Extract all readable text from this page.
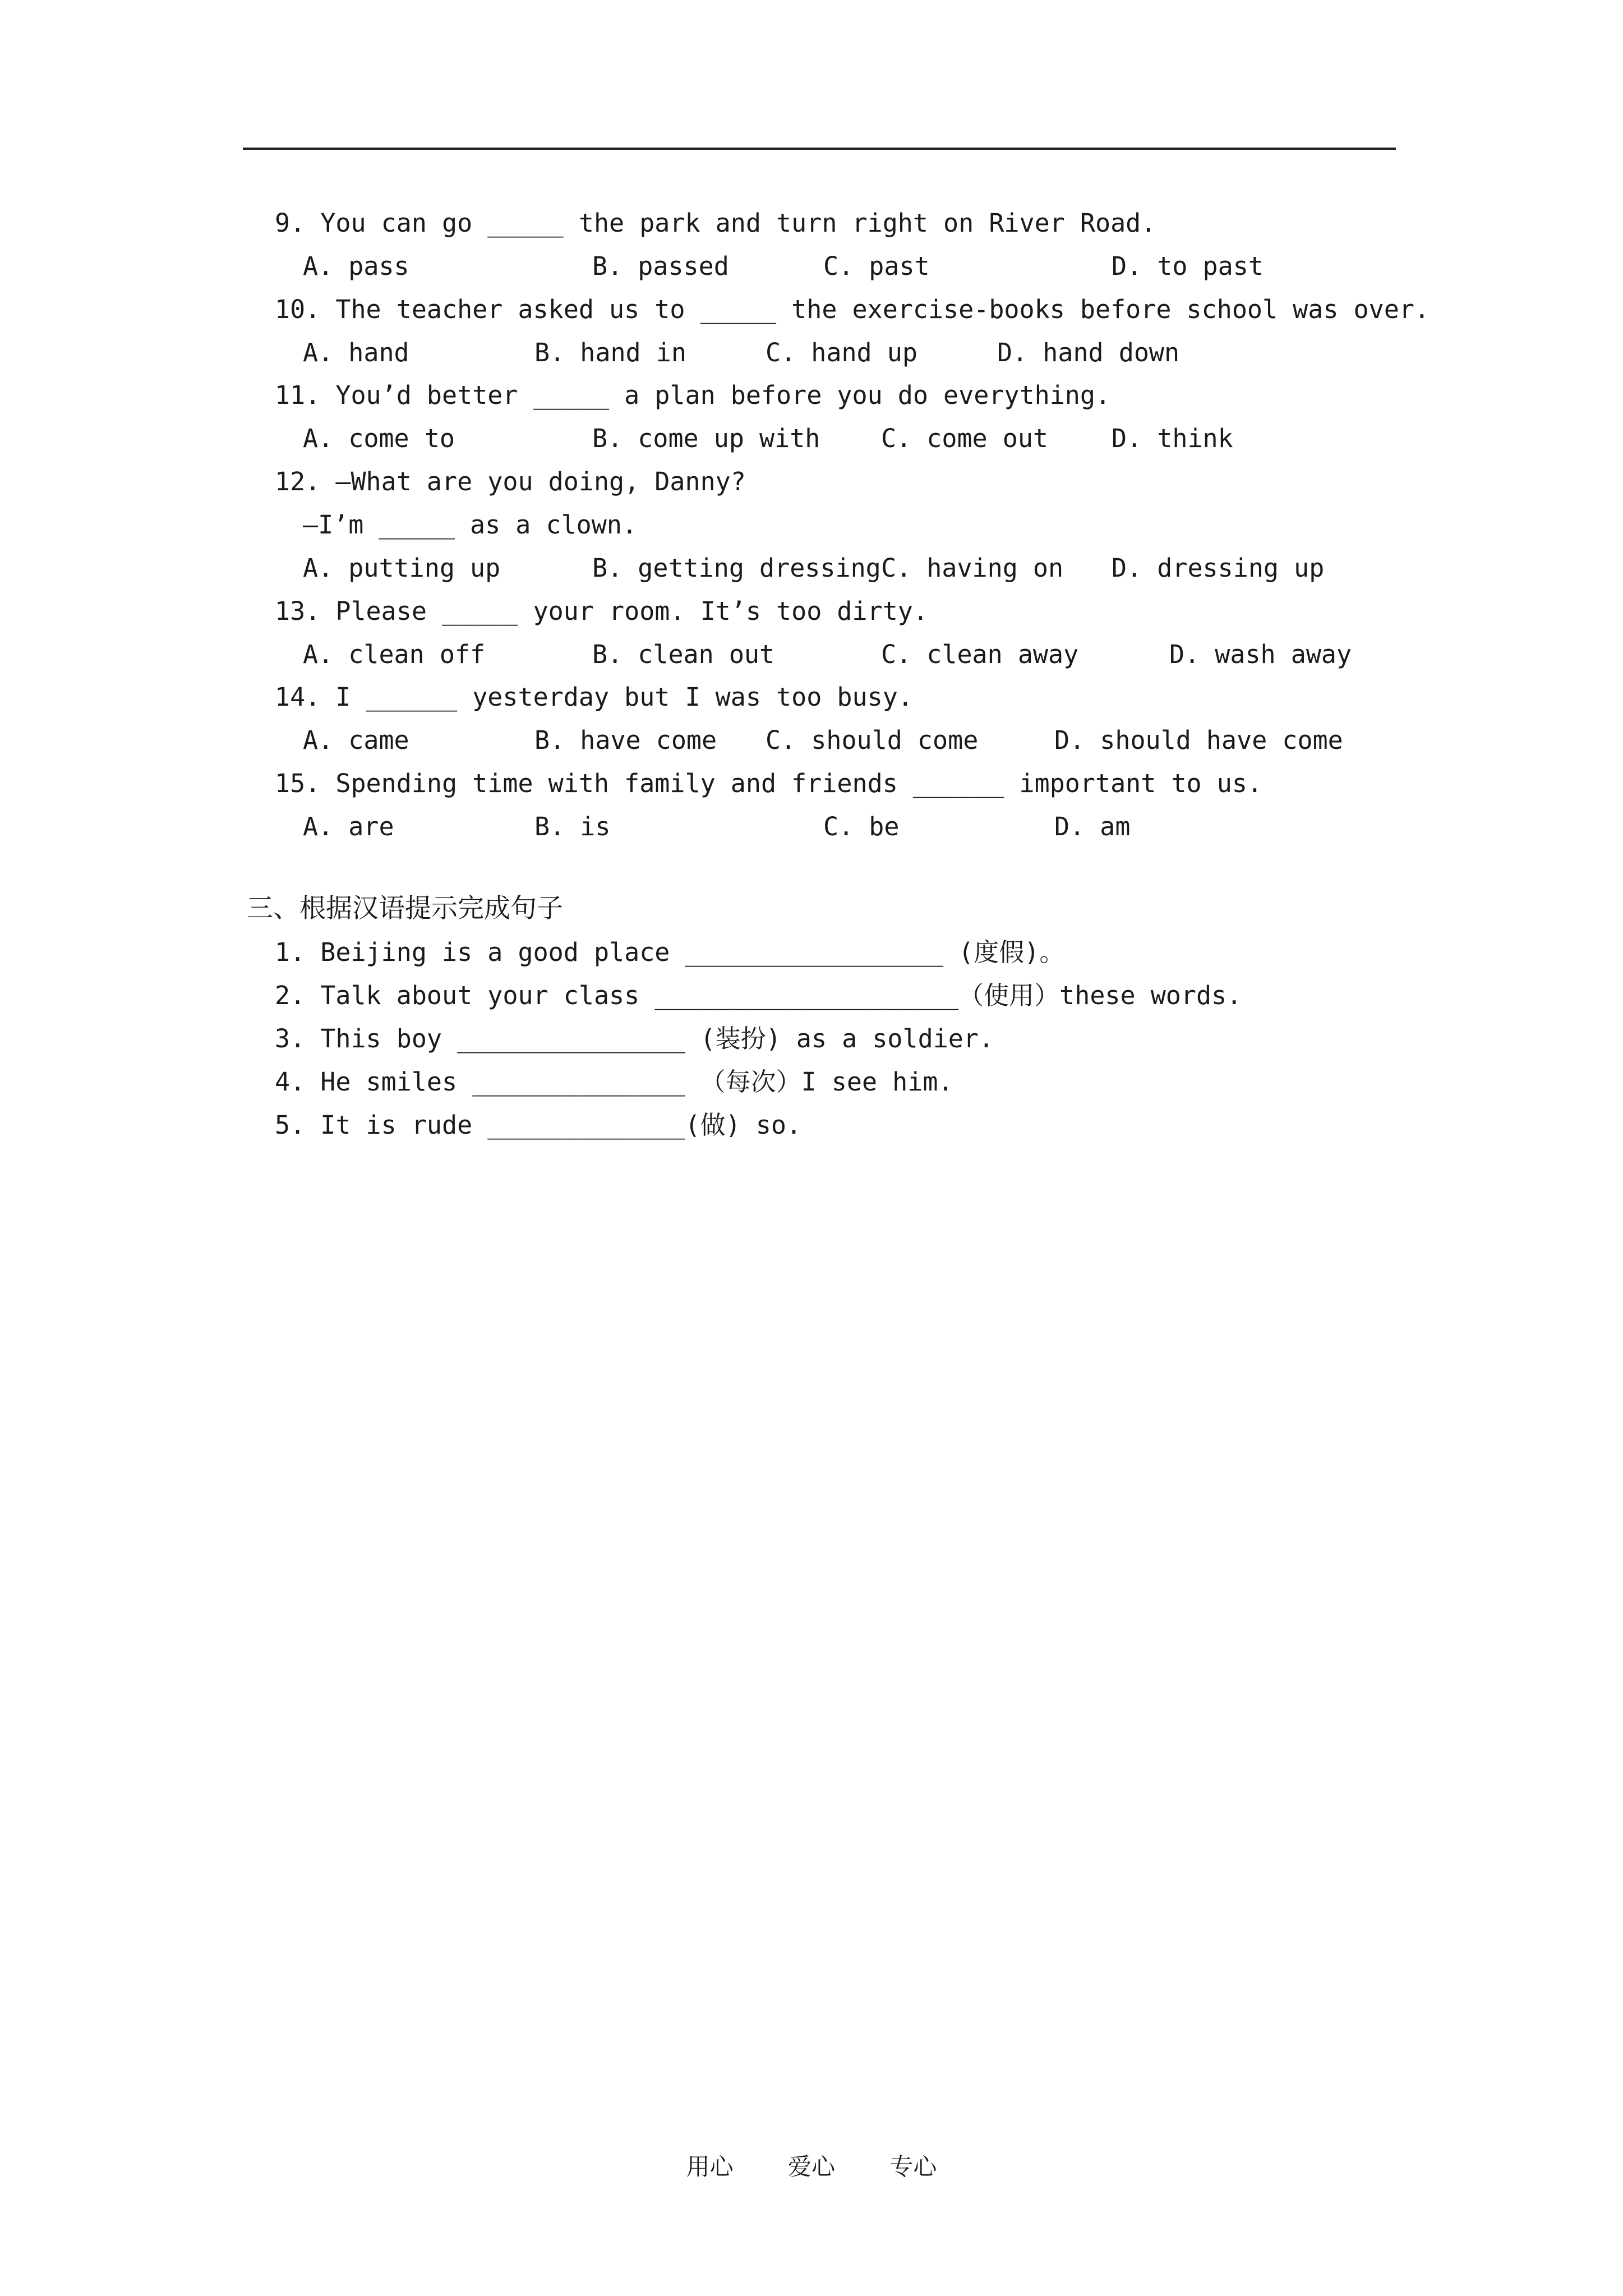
9. You can go _____ the park and turn right on River Road.
A. pass	B. passed	C. past	D. to past
10. The teacher asked us to _____ the exercise-books before school was over.
A. hand	B. hand in	C. hand up	D. hand down
11. You’d better _____ a plan before you do everything.
A. come to	B. come up with C. come out	D. think
12. —What are you doing, Danny?
—I’m _____ as a clown.
A. putting up	B. getting dressing C. having on D. dressing up
13. Please _____ your room. It’s too dirty.
A. clean off	B. clean out	C. clean away	D. wash away
14. I ______ yesterday but I was too busy.
A. came	B. have come C. should come	D. should have come
15. Spending time with family and friends ______ important to us.
A. are	B. is	C. be	D. am
三、根据汉语提示完成句子
1. Beijing is a good place _________________ (度假)。
2. Talk about your class ____________________（使用）these words.
3. This boy _______________ (装扮) as a soldier.
4. He smiles ______________ （每次）I see him.
5. It is rude _____________(做) so.
用心 爱心 专心
